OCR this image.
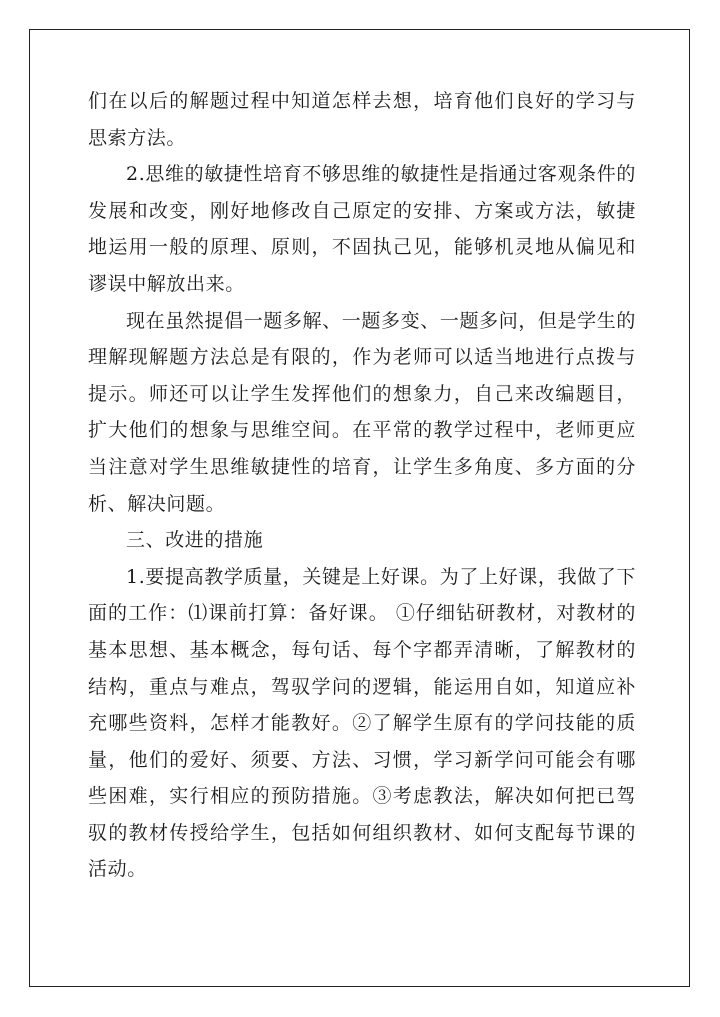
们在以后的解题过程中知道怎样去想，培育他们良好的学习与思索方法。

2.思维的敏捷性培育不够思维的敏捷性是指通过客观条件的发展和改变，刚好地修改自己原定的安排、方案或方法，敏捷地运用一般的原理、原则，不固执己见，能够机灵地从偏见和谬误中解放出来。

现在虽然提倡一题多解、一题多变、一题多问，但是学生的理解现解题方法总是有限的，作为老师可以适当地进行点拨与提示。师还可以让学生发挥他们的想象力，自己来改编题目，扩大他们的想象与思维空间。在平常的教学过程中，老师更应当注意对学生思维敏捷性的培育，让学生多角度、多方面的分析、解决问题。

三、改进的措施

1.要提高教学质量，关键是上好课。为了上好课，我做了下面的工作：⑴课前打算：备好课。 ①仔细钻研教材，对教材的基本思想、基本概念，每句话、每个字都弄清晰，了解教材的结构，重点与难点，驾驭学问的逻辑，能运用自如，知道应补充哪些资料，怎样才能教好。②了解学生原有的学问技能的质量，他们的爱好、须要、方法、习惯，学习新学问可能会有哪些困难，实行相应的预防措施。③考虑教法，解决如何把已驾驭的教材传授给学生，包括如何组织教材、如何支配每节课的活动。
